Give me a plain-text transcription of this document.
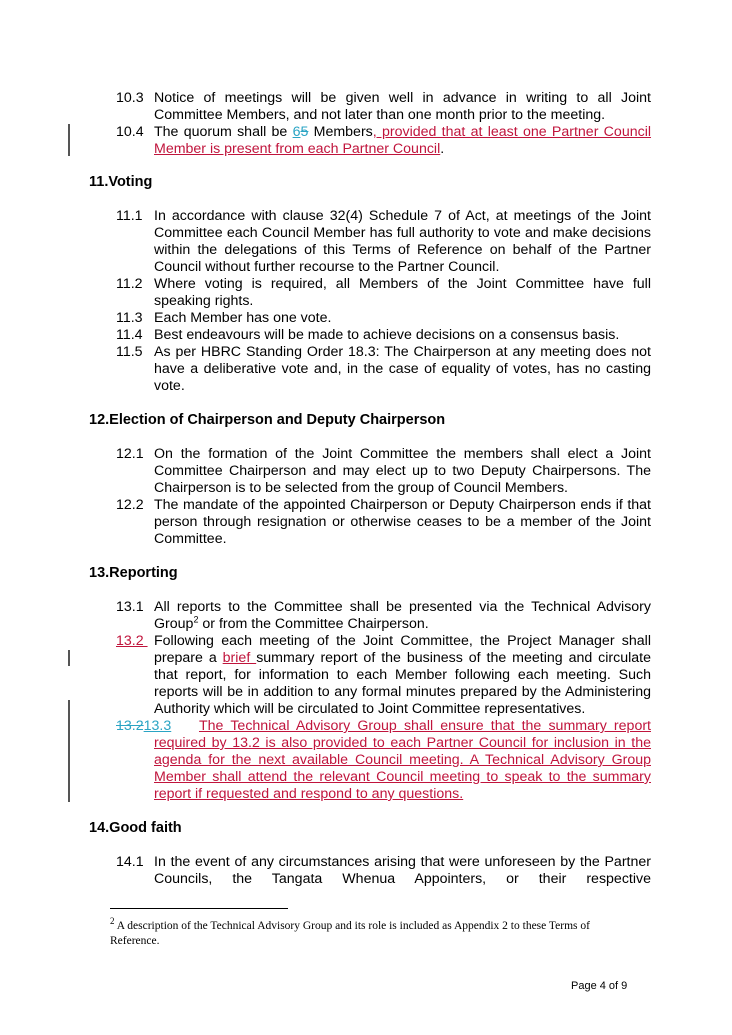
10.3 Notice of meetings will be given well in advance in writing to all Joint Committee Members, and not later than one month prior to the meeting.
10.4 The quorum shall be 65 Members, provided that at least one Partner Council Member is present from each Partner Council.
11.Voting
11.1 In accordance with clause 32(4) Schedule 7 of Act, at meetings of the Joint Committee each Council Member has full authority to vote and make decisions within the delegations of this Terms of Reference on behalf of the Partner Council without further recourse to the Partner Council.
11.2 Where voting is required, all Members of the Joint Committee have full speaking rights.
11.3 Each Member has one vote.
11.4 Best endeavours will be made to achieve decisions on a consensus basis.
11.5 As per HBRC Standing Order 18.3: The Chairperson at any meeting does not have a deliberative vote and, in the case of equality of votes, has no casting vote.
12.Election of Chairperson and Deputy Chairperson
12.1 On the formation of the Joint Committee the members shall elect a Joint Committee Chairperson and may elect up to two Deputy Chairpersons. The Chairperson is to be selected from the group of Council Members.
12.2 The mandate of the appointed Chairperson or Deputy Chairperson ends if that person through resignation or otherwise ceases to be a member of the Joint Committee.
13.Reporting
13.1 All reports to the Committee shall be presented via the Technical Advisory Group$^2$ or from the Committee Chairperson.
13.2 Following each meeting of the Joint Committee, the Project Manager shall prepare a brief summary report of the business of the meeting and circulate that report, for information to each Member following each meeting. Such reports will be in addition to any formal minutes prepared by the Administering Authority which will be circulated to Joint Committee representatives.
13.213.3	The Technical Advisory Group shall ensure that the summary report required by 13.2 is also provided to each Partner Council for inclusion in the agenda for the next available Council meeting. A Technical Advisory Group Member shall attend the relevant Council meeting to speak to the summary report if requested and respond to any questions.
14.Good faith
14.1 In the event of any circumstances arising that were unforeseen by the Partner Councils, the Tangata Whenua Appointers, or their respective
$^2$ A description of the Technical Advisory Group and its role is included as Appendix 2 to these Terms of Reference.
Page 4 of 9
